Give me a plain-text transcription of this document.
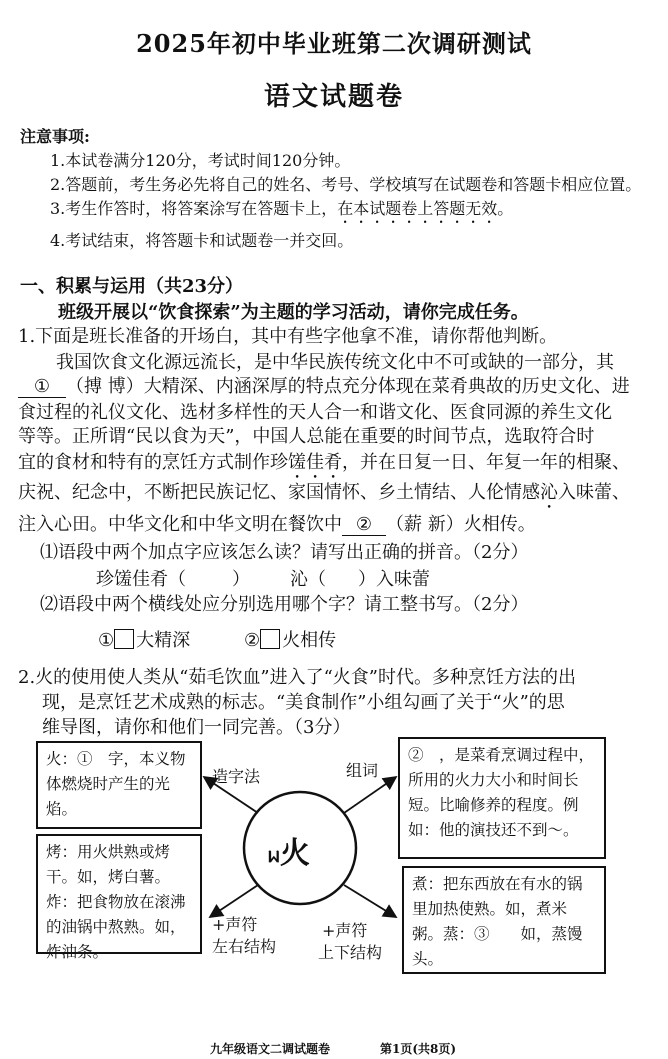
2025年初中毕业班第二次调研测试
语文试题卷
注意事项:
1.本试卷满分120分，考试时间120分钟。
2.答题前，考生务必先将自己的姓名、考号、学校填写在试题卷和答题卡相应位置。
3.考生作答时，将答案涂写在答题卡上，在本试题卷上答题无效。
4.考试结束，将答题卡和试题卷一并交回。
一、积累与运用（共23分）
班级开展以“饮食探索”为主题的学习活动，请你完成任务。
1.下面是班长准备的开场白，其中有些字他拿不准，请你帮他判断。
我国饮食文化源远流长，是中华民族传统文化中不可或缺的一部分，其
① （搏 博）大精深、内涵深厚的特点充分体现在菜肴典故的历史文化、进
食过程的礼仪文化、选材多样性的天人合一和谐文化、医食同源的养生文化
等等。正所谓“民以食为天”，中国人总能在重要的时间节点，选取符合时
宜的食材和特有的烹饪方式制作珍馐佳肴，并在日复一日、年复一年的相聚、
庆祝、纪念中，不断把民族记忆、家国情怀、乡土情结、人伦情感沁入味蕾、
注入心田。中华文化和中华文明在餐饮中 ② （薪 新）火相传。
⑴语段中两个加点字应该怎么读？请写出正确的拼音。（2分）
珍馐佳肴（	） 沁（ ）入味蕾
⑵语段中两个横线处应分别选用哪个字？请工整书写。（2分）
① 大精深	② 火相传
2.火的使用使人类从“茹毛饮血”进入了“火食”时代。多种烹饪方法的出
现，是烹饪艺术成熟的标志。“美食制作”小组勾画了关于“火”的思
维导图，请你和他们一同完善。（3分）
ᥕ火
造字法	组词
+声符
左右结构
+声符
上下结构
火：①　字，本义物体燃烧时产生的光焰。
②　，是菜肴烹调过程中，所用的火力大小和时间长短。比喻修养的程度。例如：他的演技还不到～。
烤：用火烘熟或烤干。如，烤白薯。炸：把食物放在滚沸的油锅中熬熟。如，炸油条。
煮：把东西放在有水的锅里加热使熟。如，煮米粥。蒸：③　　如，蒸馒头。
九年级语文二调试题卷	第1页(共8页)
